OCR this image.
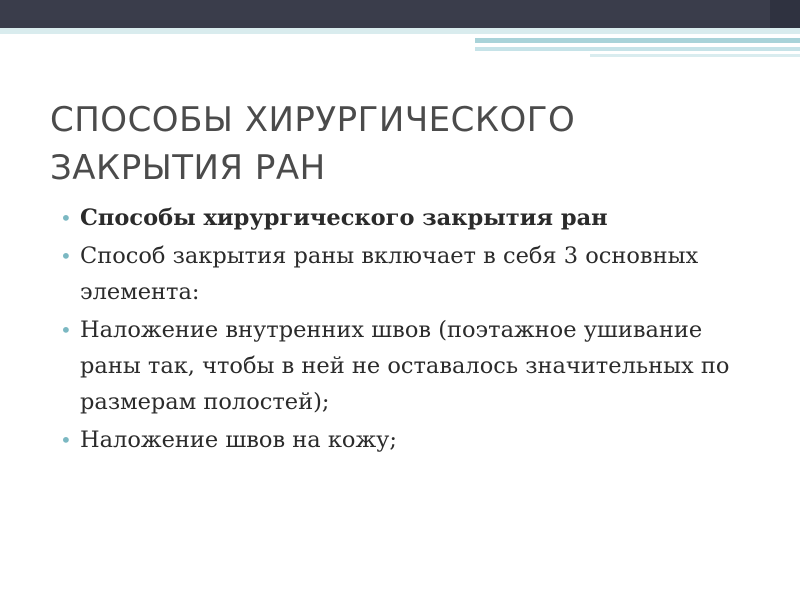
СПОСОБЫ ХИРУРГИЧЕСКОГО ЗАКРЫТИЯ РАН
• Способы хирургического закрытия ран
• Способ закрытия раны включает в себя 3 основных элемента:
• Наложение внутренних швов (поэтажное ушивание раны так, чтобы в ней не оставалось значительных по размерам полостей);
• Наложение швов на кожу;
